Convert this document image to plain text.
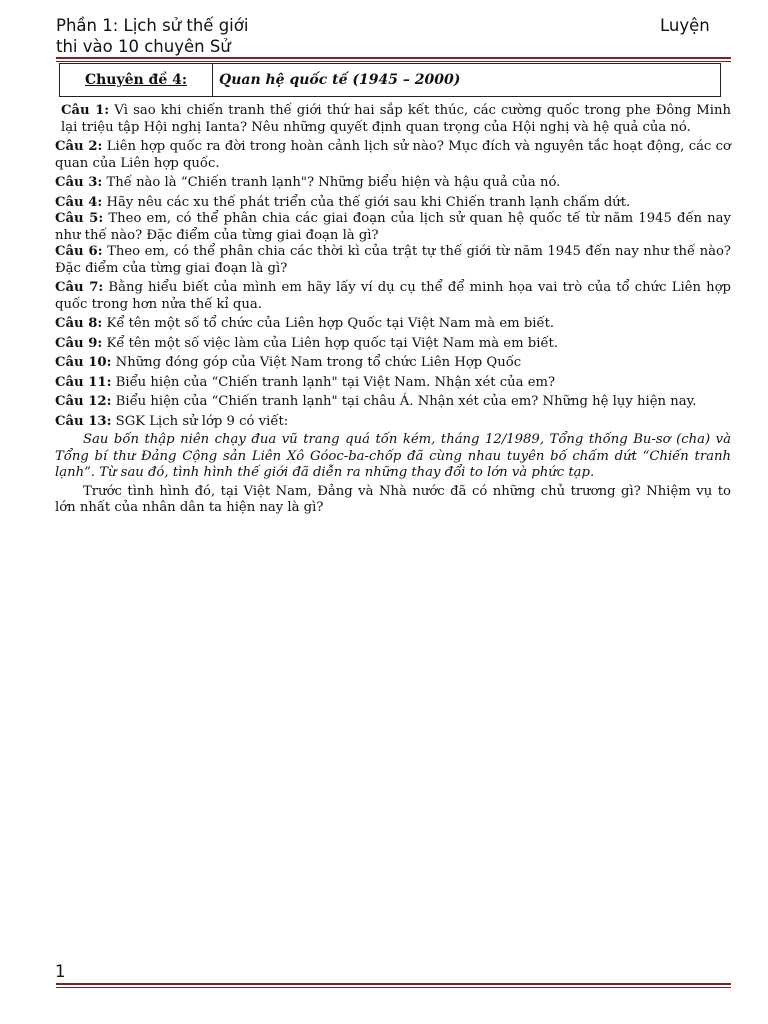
Phần 1: Lịch sử thế giới
thi vào 10 chuyên Sử
Luyện
Chuyên đề 4:	Quan hệ quốc tế (1945 – 2000)

Câu 1: Vì sao khi chiến tranh thế giới thứ hai sắp kết thúc, các cường quốc trong phe Đông Minh lại triệu tập Hội nghị Ianta? Nêu những quyết định quan trọng của Hội nghị và hệ quả của nó.

Câu 2: Liên hợp quốc ra đời trong hoàn cảnh lịch sử nào? Mục đích và nguyên tắc hoạt động, các cơ quan của Liên hợp quốc.

Câu 3: Thế nào là “Chiến tranh lạnh"? Những biểu hiện và hậu quả của nó.

Câu 4: Hãy nêu các xu thế phát triển của thế giới sau khi Chiến tranh lạnh chấm dứt.

Câu 5: Theo em, có thể phân chia các giai đoạn của lịch sử quan hệ quốc tế từ năm 1945 đến nay như thế nào? Đặc điểm của từng giai đoạn là gì?

Câu 6: Theo em, có thể phân chia các thời kì của trật tự thế giới từ năm 1945 đến nay như thế nào? Đặc điểm của từng giai đoạn là gì?

Câu 7: Bằng hiểu biết của mình em hãy lấy ví dụ cụ thể để minh họa vai trò của tổ chức Liên hợp quốc trong hơn nửa thế kỉ qua.

Câu 8: Kể tên một số tổ chức của Liên hợp Quốc tại Việt Nam mà em biết.

Câu 9: Kể tên một số việc làm của Liên hợp quốc tại Việt Nam mà em biết.

Câu 10: Những đóng góp của Việt Nam trong tổ chức Liên Hợp Quốc

Câu 11: Biểu hiện của “Chiến tranh lạnh" tại Việt Nam. Nhận xét của em?

Câu 12: Biểu hiện của “Chiến tranh lạnh" tại châu Á. Nhận xét của em? Những hệ lụy hiện nay.

Câu 13: SGK Lịch sử lớp 9 có viết:

Sau bốn thập niên chạy đua vũ trang quá tốn kém, tháng 12/1989, Tổng thống Bu-sơ (cha) và Tổng bí thư Đảng Cộng sản Liên Xô Góoc-ba-chốp đã cùng nhau tuyên bố chấm dứt “Chiến tranh lạnh”. Từ sau đó, tình hình thế giới đã diễn ra những thay đổi to lớn và phức tạp.

Trước tình hình đó, tại Việt Nam, Đảng và Nhà nước đã có những chủ trương gì? Nhiệm vụ to lớn nhất của nhân dân ta hiện nay là gì?

1
